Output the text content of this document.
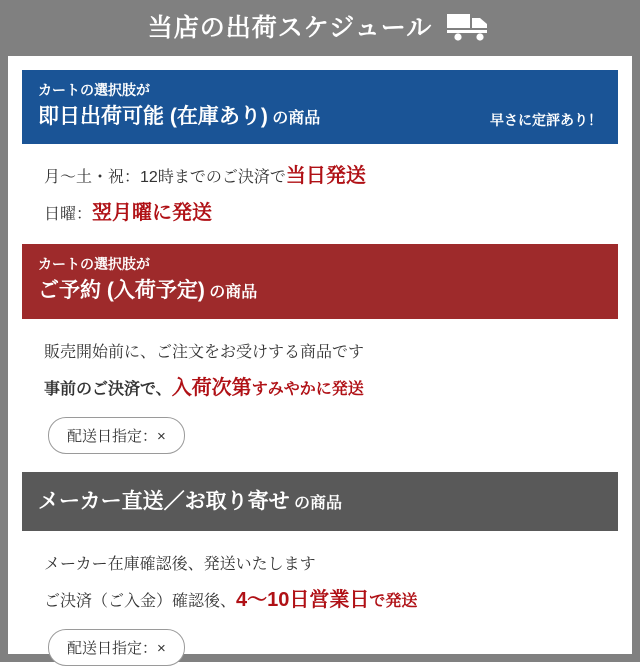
当店の出荷スケジュール
カートの選択肢が
即日出荷可能 (在庫あり) の商品	早さに定評あり！
月〜土・祝：12時までのご決済で当日発送
日曜：翌月曜に発送
カートの選択肢が
ご予約 (入荷予定) の商品
販売開始前に、ご注文をお受けする商品です
事前のご決済で、入荷次第すみやかに発送
配送日指定：×
メーカー直送／お取り寄せ の商品
メーカー在庫確認後、発送いたします
ご決済（ご入金）確認後、4〜10日営業日で発送
配送日指定：×
